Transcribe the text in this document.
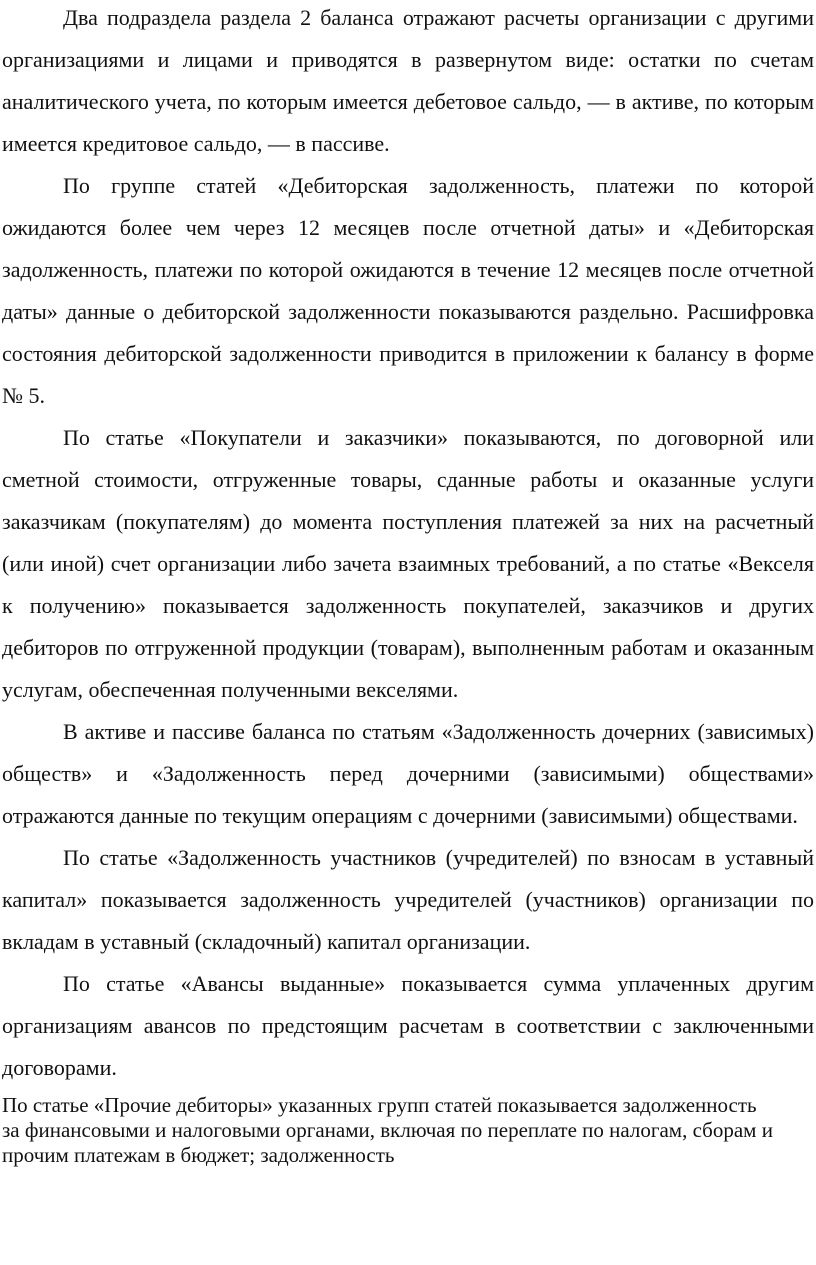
Два подраздела раздела 2 баланса отражают расчеты организации с другими организациями и лицами и приводятся в развернутом виде: остатки по счетам аналитического учета, по которым имеется дебетовое сальдо, — в активе, по которым имеется кредитовое сальдо, — в пассиве.

По группе статей «Дебиторская задолженность, платежи по которой ожидаются более чем через 12 месяцев после отчетной даты» и «Дебиторская задолженность, платежи по которой ожидаются в течение 12 месяцев после отчетной даты» данные о дебиторской задолженности показываются раздельно. Расшифровка состояния дебиторской задолженности приводится в приложении к балансу в форме № 5.

По статье «Покупатели и заказчики» показываются, по договорной или сметной стоимости, отгруженные товары, сданные работы и оказанные услуги заказчикам (покупателям) до момента поступления платежей за них на расчетный (или иной) счет организации либо зачета взаимных требований, а по статье «Векселя к получению» показывается задолженность покупателей, заказчиков и других дебиторов по отгруженной продукции (товарам), выполненным работам и оказанным услугам, обеспеченная полученными векселями.

В активе и пассиве баланса по статьям «Задолженность дочерних (зависимых) обществ» и «Задолженность перед дочерними (зависимыми) обществами» отражаются данные по текущим операциям с дочерними (зависимыми) обществами.

По статье «Задолженность участников (учредителей) по взносам в уставный капитал» показывается задолженность учредителей (участников) организации по вкладам в уставный (складочный) капитал организации.

По статье «Авансы выданные» показывается сумма уплаченных другим организациям авансов по предстоящим расчетам в соответствии с заключенными договорами.

По статье «Прочие дебиторы» указанных групп статей показывается задолженность за финансовыми и налоговыми органами, включая по переплате по налогам, сборам и прочим платежам в бюджет; задолженность
